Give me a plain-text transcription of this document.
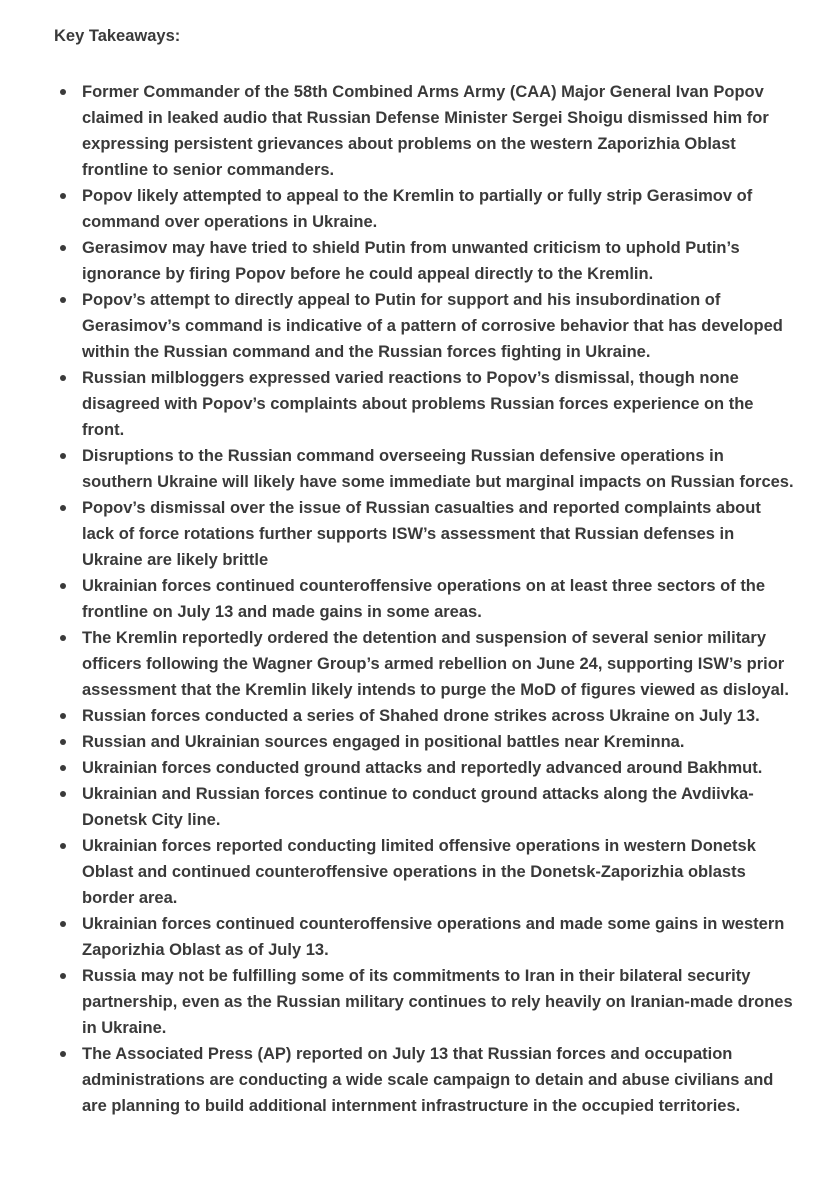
Key Takeaways:
Former Commander of the 58th Combined Arms Army (CAA) Major General Ivan Popov claimed in leaked audio that Russian Defense Minister Sergei Shoigu dismissed him for expressing persistent grievances about problems on the western Zaporizhia Oblast frontline to senior commanders.
Popov likely attempted to appeal to the Kremlin to partially or fully strip Gerasimov of command over operations in Ukraine.
Gerasimov may have tried to shield Putin from unwanted criticism to uphold Putin’s ignorance by firing Popov before he could appeal directly to the Kremlin.
Popov’s attempt to directly appeal to Putin for support and his insubordination of Gerasimov’s command is indicative of a pattern of corrosive behavior that has developed within the Russian command and the Russian forces fighting in Ukraine.
Russian milbloggers expressed varied reactions to Popov’s dismissal, though none disagreed with Popov’s complaints about problems Russian forces experience on the front.
Disruptions to the Russian command overseeing Russian defensive operations in southern Ukraine will likely have some immediate but marginal impacts on Russian forces.
Popov’s dismissal over the issue of Russian casualties and reported complaints about lack of force rotations further supports ISW’s assessment that Russian defenses in Ukraine are likely brittle
Ukrainian forces continued counteroffensive operations on at least three sectors of the frontline on July 13 and made gains in some areas.
The Kremlin reportedly ordered the detention and suspension of several senior military officers following the Wagner Group’s armed rebellion on June 24, supporting ISW’s prior assessment that the Kremlin likely intends to purge the MoD of figures viewed as disloyal.
Russian forces conducted a series of Shahed drone strikes across Ukraine on July 13.
Russian and Ukrainian sources engaged in positional battles near Kreminna.
Ukrainian forces conducted ground attacks and reportedly advanced around Bakhmut.
Ukrainian and Russian forces continue to conduct ground attacks along the Avdiivka-Donetsk City line.
Ukrainian forces reported conducting limited offensive operations in western Donetsk Oblast and continued counteroffensive operations in the Donetsk-Zaporizhia oblasts border area.
Ukrainian forces continued counteroffensive operations and made some gains in western Zaporizhia Oblast as of July 13.
Russia may not be fulfilling some of its commitments to Iran in their bilateral security partnership, even as the Russian military continues to rely heavily on Iranian-made drones in Ukraine.
The Associated Press (AP) reported on July 13 that Russian forces and occupation administrations are conducting a wide scale campaign to detain and abuse civilians and are planning to build additional internment infrastructure in the occupied territories.
